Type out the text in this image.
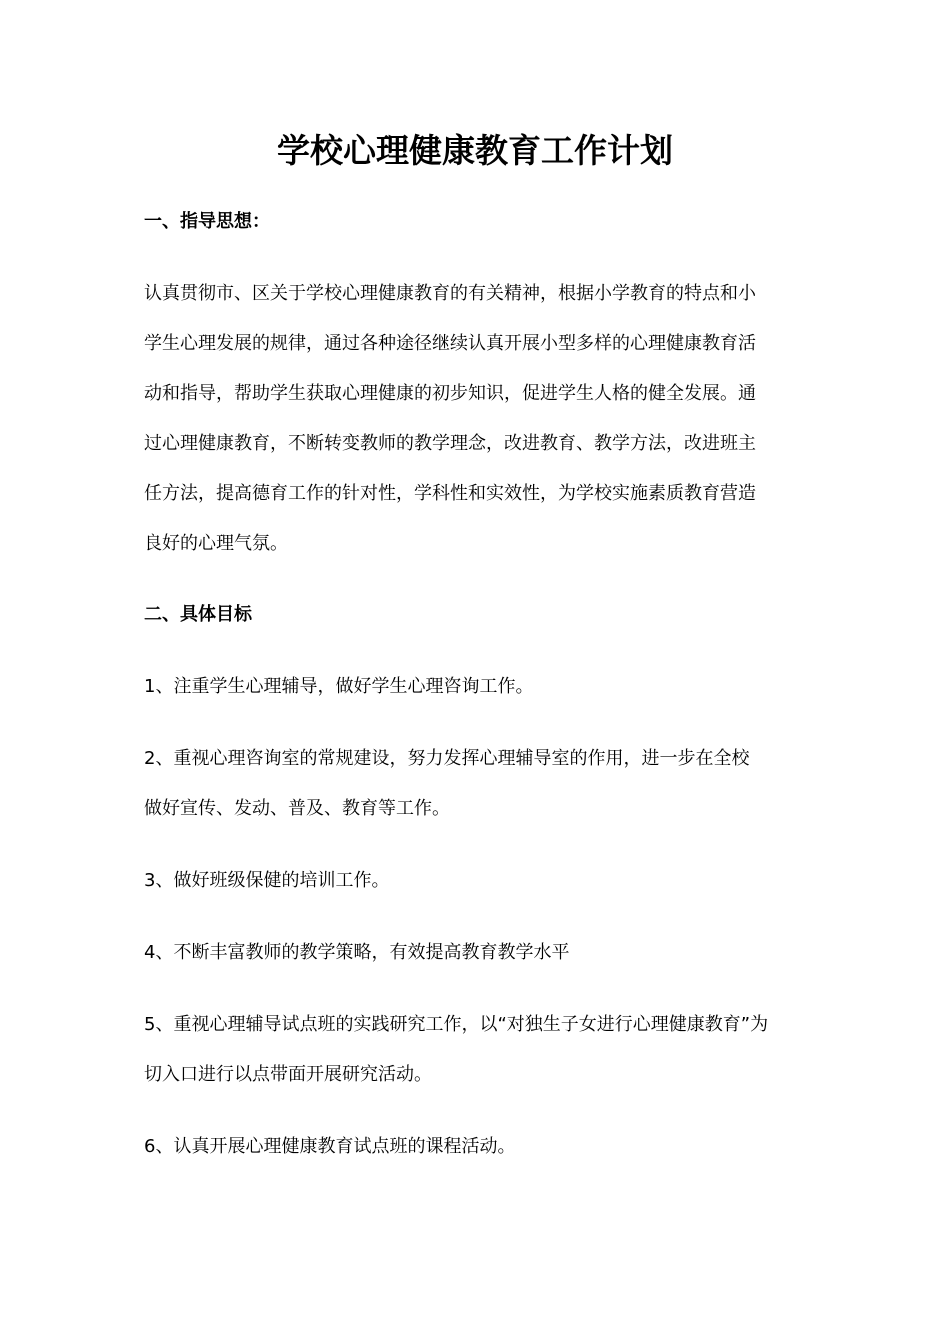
学校心理健康教育工作计划
一、指导思想：
认真贯彻市、区关于学校心理健康教育的有关精神，根据小学教育的特点和小
学生心理发展的规律，通过各种途径继续认真开展小型多样的心理健康教育活
动和指导，帮助学生获取心理健康的初步知识，促进学生人格的健全发展。通
过心理健康教育，不断转变教师的教学理念，改进教育、教学方法，改进班主
任方法，提高德育工作的针对性，学科性和实效性，为学校实施素质教育营造
良好的心理气氛。
二、具体目标
1、注重学生心理辅导，做好学生心理咨询工作。
2、重视心理咨询室的常规建设，努力发挥心理辅导室的作用，进一步在全校
做好宣传、发动、普及、教育等工作。
3、做好班级保健的培训工作。
4、不断丰富教师的教学策略，有效提高教育教学水平
5、重视心理辅导试点班的实践研究工作，以“对独生子女进行心理健康教育”为
切入口进行以点带面开展研究活动。
6、认真开展心理健康教育试点班的课程活动。
